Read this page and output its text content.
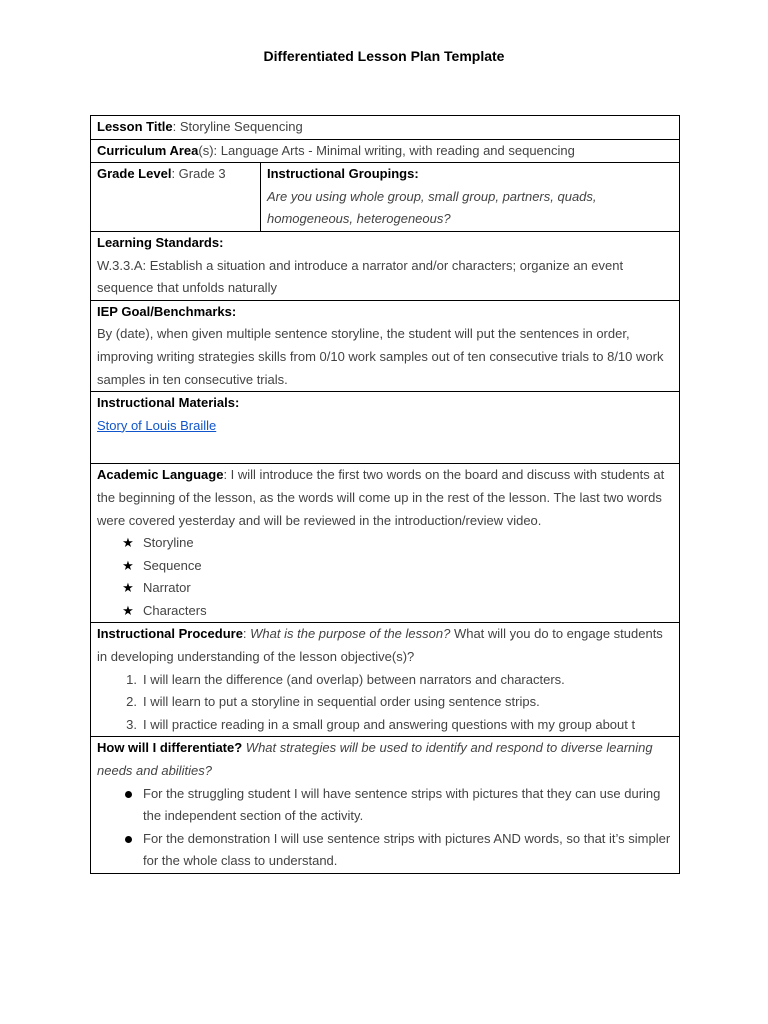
Differentiated Lesson Plan Template
Lesson Title: Storyline Sequencing
Curriculum Area(s): Language Arts - Minimal writing, with reading and sequencing
Grade Level: Grade 3	Instructional Groupings:
Are you using whole group, small group, partners, quads, homogeneous, heterogeneous?

Learning Standards:
W.3.3.A: Establish a situation and introduce a narrator and/or characters; organize an event sequence that unfolds naturally

IEP Goal/Benchmarks:
By (date), when given multiple sentence storyline, the student will put the sentences in order, improving writing strategies skills from 0/10 work samples out of ten consecutive trials to 8/10 work samples in ten consecutive trials.

Instructional Materials:
Story of Louis Braille

Academic Language: I will introduce the first two words on the board and discuss with students at the beginning of the lesson, as the words will come up in the rest of the lesson. The last two words were covered yesterday and will be reviewed in the introduction/review video.
★ Storyline
★ Sequence
★ Narrator
★ Characters

Instructional Procedure: What is the purpose of the lesson? What will you do to engage students in developing understanding of the lesson objective(s)?
1. I will learn the difference (and overlap) between narrators and characters.
2. I will learn to put a storyline in sequential order using sentence strips.
3. I will practice reading in a small group and answering questions with my group about t

How will I differentiate? What strategies will be used to identify and respond to diverse learning needs and abilities?
For the struggling student I will have sentence strips with pictures that they can use during the independent section of the activity.
For the demonstration I will use sentence strips with pictures AND words, so that it’s simpler for the whole class to understand.
